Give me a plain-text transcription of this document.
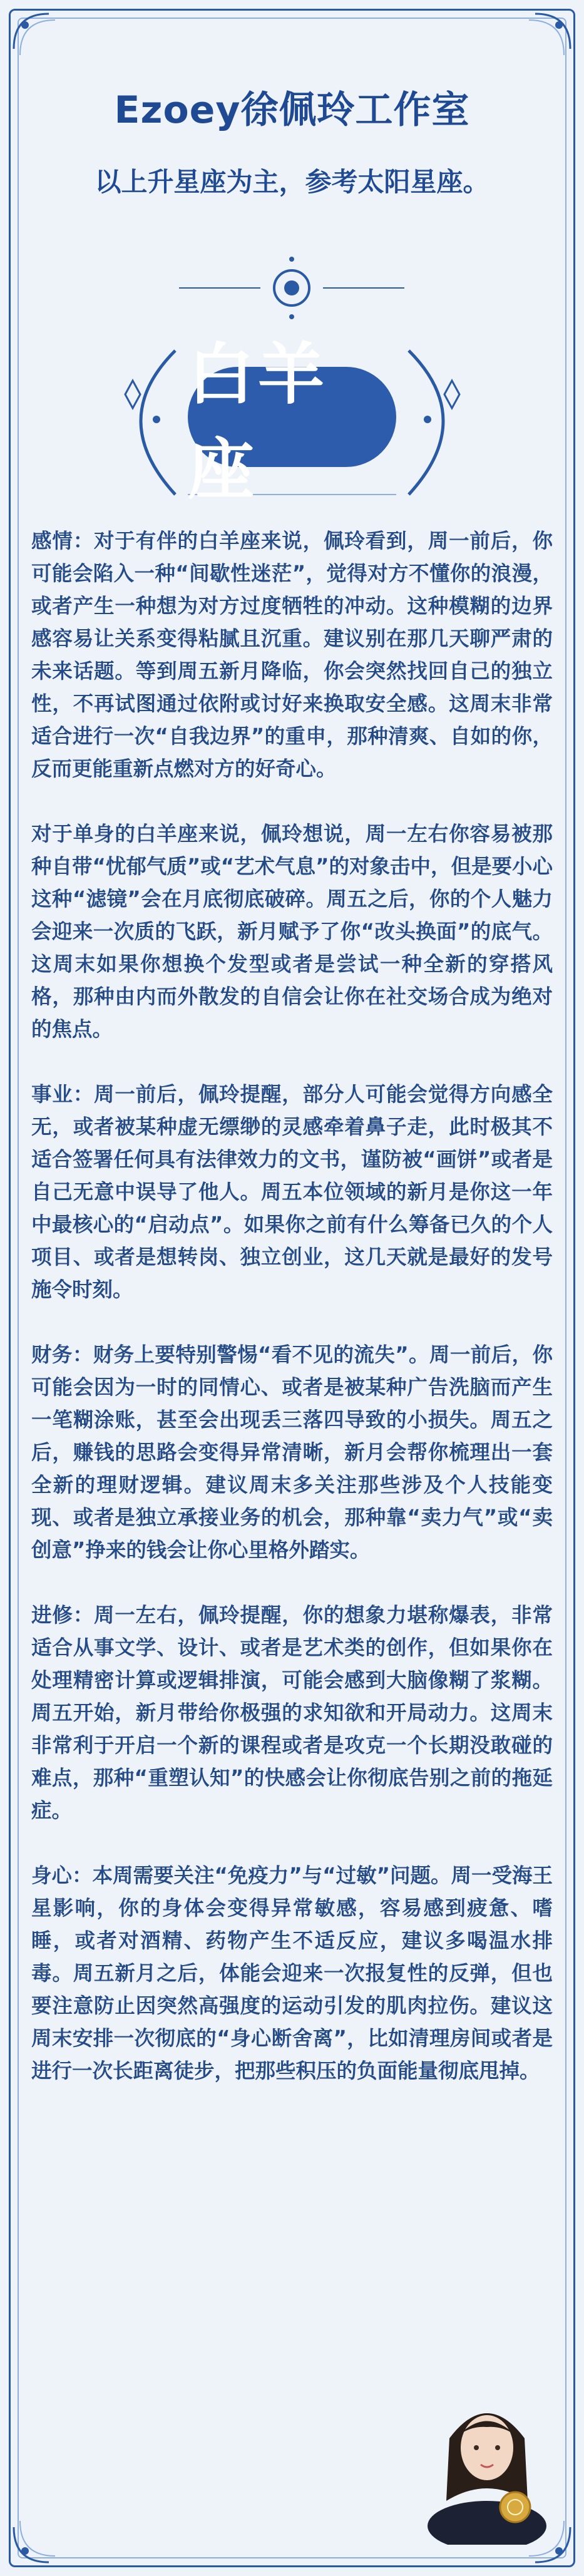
Ezoey徐佩玲工作室
以上升星座为主，参考太阳星座。
白羊座

感情：对于有伴的白羊座来说，佩玲看到，周一前后，你可能会陷入一种“间歇性迷茫”，觉得对方不懂你的浪漫，或者产生一种想为对方过度牺牲的冲动。这种模糊的边界感容易让关系变得粘腻且沉重。建议别在那几天聊严肃的未来话题。等到周五新月降临，你会突然找回自己的独立性，不再试图通过依附或讨好来换取安全感。这周末非常适合进行一次“自我边界”的重申，那种清爽、自如的你，反而更能重新点燃对方的好奇心。

对于单身的白羊座来说，佩玲想说，周一左右你容易被那种自带“忧郁气质”或“艺术气息”的对象击中，但是要小心这种“滤镜”会在月底彻底破碎。周五之后，你的个人魅力会迎来一次质的飞跃，新月赋予了你“改头换面”的底气。这周末如果你想换个发型或者是尝试一种全新的穿搭风格，那种由内而外散发的自信会让你在社交场合成为绝对的焦点。

事业：周一前后，佩玲提醒，部分人可能会觉得方向感全无，或者被某种虚无缥缈的灵感牵着鼻子走，此时极其不适合签署任何具有法律效力的文书，谨防被“画饼”或者是自己无意中误导了他人。周五本位领域的新月是你这一年中最核心的“启动点”。如果你之前有什么筹备已久的个人项目、或者是想转岗、独立创业，这几天就是最好的发号施令时刻。

财务：财务上要特别警惕“看不见的流失”。周一前后，你可能会因为一时的同情心、或者是被某种广告洗脑而产生一笔糊涂账，甚至会出现丢三落四导致的小损失。周五之后，赚钱的思路会变得异常清晰，新月会帮你梳理出一套全新的理财逻辑。建议周末多关注那些涉及个人技能变现、或者是独立承接业务的机会，那种靠“卖力气”或“卖创意”挣来的钱会让你心里格外踏实。

进修：周一左右，佩玲提醒，你的想象力堪称爆表，非常适合从事文学、设计、或者是艺术类的创作，但如果你在处理精密计算或逻辑排演，可能会感到大脑像糊了浆糊。周五开始，新月带给你极强的求知欲和开局动力。这周末非常利于开启一个新的课程或者是攻克一个长期没敢碰的难点，那种“重塑认知”的快感会让你彻底告别之前的拖延症。

身心：本周需要关注“免疫力”与“过敏”问题。周一受海王星影响，你的身体会变得异常敏感，容易感到疲惫、嗜睡，或者对酒精、药物产生不适反应，建议多喝温水排毒。周五新月之后，体能会迎来一次报复性的反弹，但也要注意防止因突然高强度的运动引发的肌肉拉伤。建议这周末安排一次彻底的“身心断舍离”，比如清理房间或者是进行一次长距离徒步，把那些积压的负面能量彻底甩掉。
